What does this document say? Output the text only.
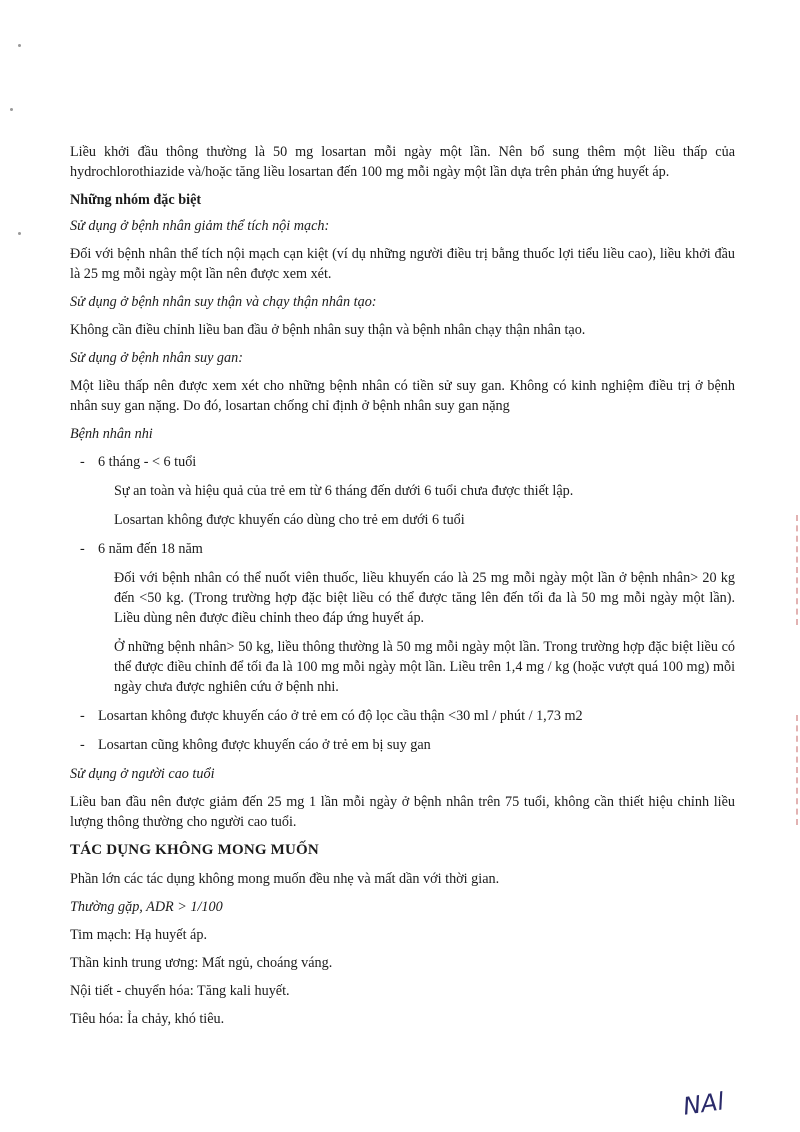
Liều khởi đầu thông thường là 50 mg losartan mỗi ngày một lần. Nên bổ sung thêm một liều thấp của hydrochlorothiazide và/hoặc tăng liều losartan đến 100 mg mỗi ngày một lần dựa trên phản ứng huyết áp.

Những nhóm đặc biệt

Sử dụng ở bệnh nhân giảm thể tích nội mạch:

Đối với bệnh nhân thể tích nội mạch cạn kiệt (ví dụ những người điều trị bằng thuốc lợi tiểu liều cao), liều khởi đầu là 25 mg mỗi ngày một lần nên được xem xét.

Sử dụng ở bệnh nhân suy thận và chạy thận nhân tạo:

Không cần điều chỉnh liều ban đầu ở bệnh nhân suy thận và bệnh nhân chạy thận nhân tạo.

Sử dụng ở bệnh nhân suy gan:

Một liều thấp nên được xem xét cho những bệnh nhân có tiền sử suy gan. Không có kinh nghiệm điều trị ở bệnh nhân suy gan nặng. Do đó, losartan chống chỉ định ở bệnh nhân suy gan nặng

Bệnh nhân nhi

- 6 tháng - < 6 tuổi

Sự an toàn và hiệu quả của trẻ em từ 6 tháng đến dưới 6 tuổi chưa được thiết lập.

Losartan không được khuyến cáo dùng cho trẻ em dưới 6 tuổi

- 6 năm đến 18 năm

Đối với bệnh nhân có thể nuốt viên thuốc, liều khuyến cáo là 25 mg mỗi ngày một lần ở bệnh nhân> 20 kg đến <50 kg. (Trong trường hợp đặc biệt liều có thể được tăng lên đến tối đa là 50 mg mỗi ngày một lần). Liều dùng nên được điều chỉnh theo đáp ứng huyết áp.

Ở những bệnh nhân> 50 kg, liều thông thường là 50 mg mỗi ngày một lần. Trong trường hợp đặc biệt liều có thể được điều chỉnh để tối đa là 100 mg mỗi ngày một lần. Liều trên 1,4 mg / kg (hoặc vượt quá 100 mg) mỗi ngày chưa được nghiên cứu ở bệnh nhi.

- Losartan không được khuyến cáo ở trẻ em có độ lọc cầu thận <30 ml / phút / 1,73 m2

- Losartan cũng không được khuyến cáo ở trẻ em bị suy gan

Sử dụng ở người cao tuổi

Liều ban đầu nên được giảm đến 25 mg 1 lần mỗi ngày ở bệnh nhân trên 75 tuổi, không cần thiết hiệu chỉnh liều lượng thông thường cho người cao tuổi.

TÁC DỤNG KHÔNG MONG MUỐN

Phần lớn các tác dụng không mong muốn đều nhẹ và mất dần với thời gian.

Thường gặp, ADR > 1/100

Tim mạch: Hạ huyết áp.

Thần kinh trung ương: Mất ngủ, choáng váng.

Nội tiết - chuyển hóa: Tăng kali huyết.

Tiêu hóa: Ỉa chảy, khó tiêu.

NAl
